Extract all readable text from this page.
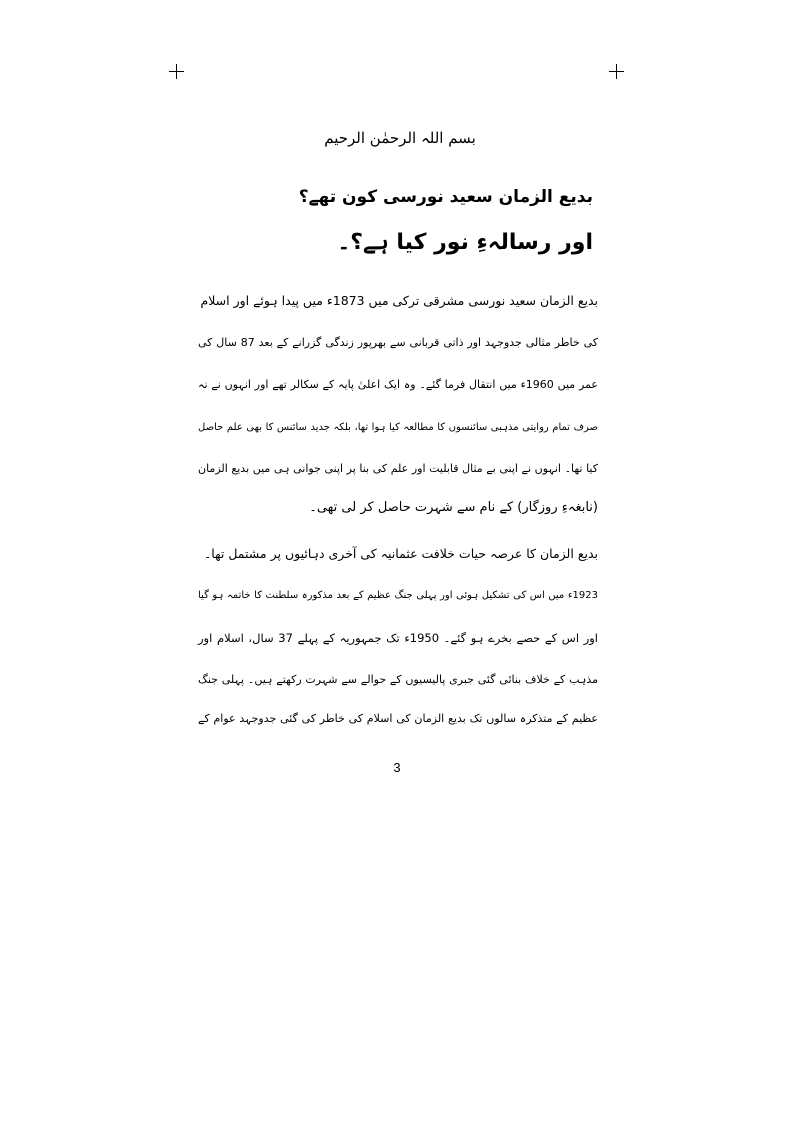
بسم اللہ الرحمٰن الرحیم
بدیع الزمان سعید نورسی کون تھے؟
اور رسالہءِ نور کیا ہے؟۔
بدیع الزمان سعید نورسی مشرقی ترکی میں 1873ء میں پیدا ہوئے اور اسلام
کی خاطر مثالی جدوجہد اور ذاتی قربانی سے بھرپور زندگی گزرانے کے بعد 87 سال کی
عمر میں 1960ء میں انتقال فرما گئے۔ وہ ایک اعلیٰ پایہ کے سکالر تھے اور انہوں نے نہ
صرف تمام روایتی مذہبی سائنسوں کا مطالعہ کیا ہوا تھا، بلکہ جدید سائنس کا بھی علم حاصل
کیا تھا۔ انہوں نے اپنی بے مثال قابلیت اور علم کی بنا پر اپنی جوانی ہی میں بدیع الزمان
(نابغہءِ روزگار) کے نام سے شہرت حاصل کر لی تھی۔
بدیع الزمان کا عرصہ حیات خلافت عثمانیہ کی آخری دہائیوں پر مشتمل تھا۔
1923ء میں اس کی تشکیل ہوئی اور پہلی جنگ عظیم کے بعد مذکورہ سلطنت کا خاتمہ ہو گیا
اور اس کے حصے بخرے ہو گئے۔ 1950ء تک جمہوریہ کے پہلے 37 سال، اسلام اور
مذہب کے خلاف بنائی گئی جبری پالیسیوں کے حوالے سے شہرت رکھتے ہیں۔ پہلی جنگ
عظیم کے متذکرہ سالوں تک بدیع الزمان کی اسلام کی خاطر کی گئی جدوجہد عوام کے
3
